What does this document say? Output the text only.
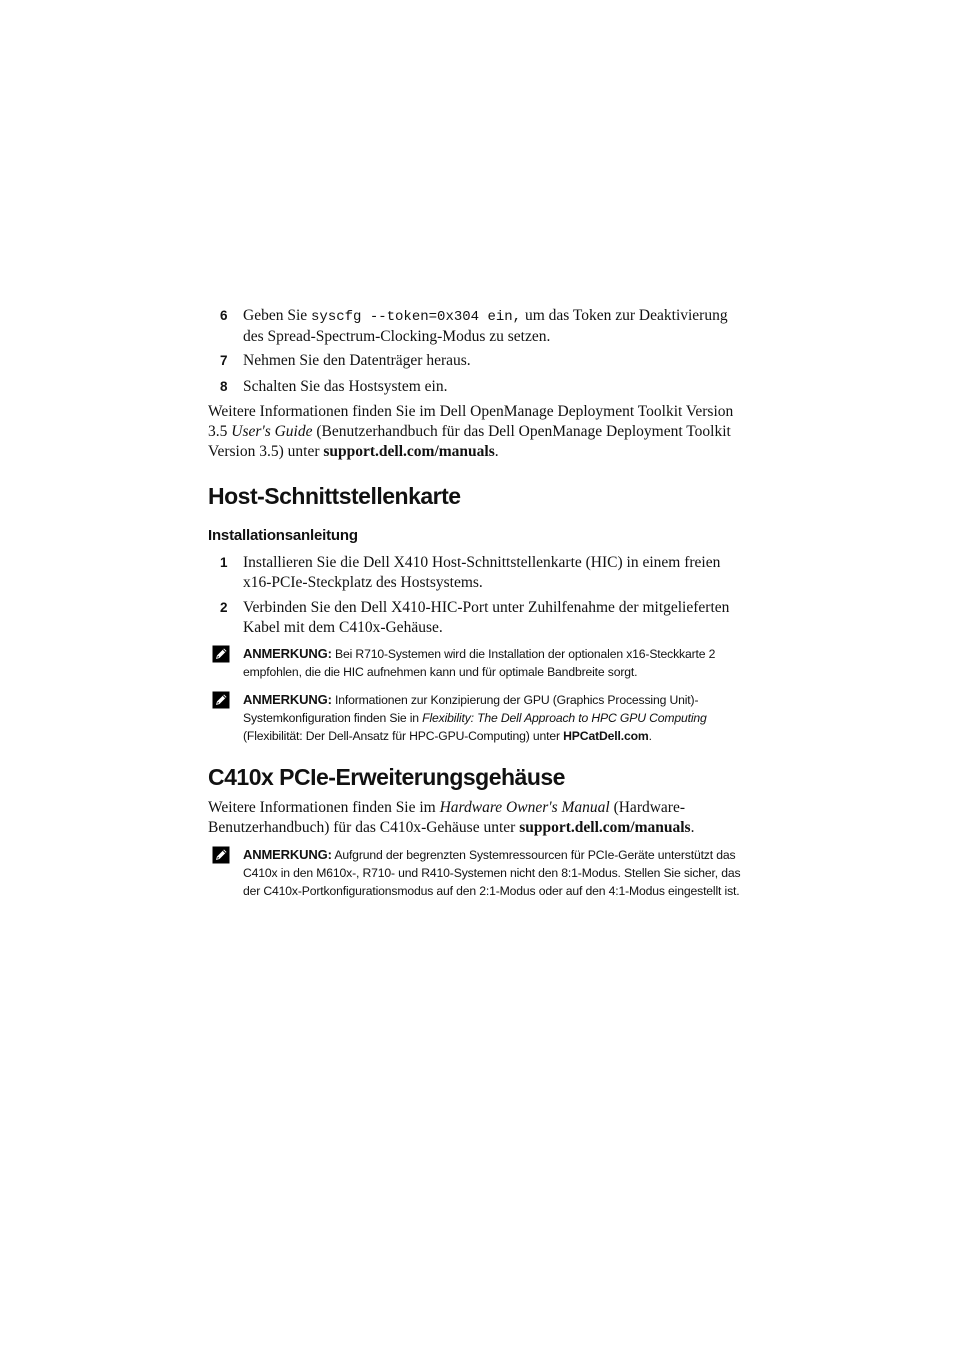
6 Geben Sie syscfg --token=0x304 ein, um das Token zur Deaktivierung des Spread-Spectrum-Clocking-Modus zu setzen.
7 Nehmen Sie den Datenträger heraus.
8 Schalten Sie das Hostsystem ein.
Weitere Informationen finden Sie im Dell OpenManage Deployment Toolkit Version 3.5 User's Guide (Benutzerhandbuch für das Dell OpenManage Deployment Toolkit Version 3.5) unter support.dell.com/manuals.
Host-Schnittstellenkarte
Installationsanleitung
1 Installieren Sie die Dell X410 Host-Schnittstellenkarte (HIC) in einem freien x16-PCIe-Steckplatz des Hostsystems.
2 Verbinden Sie den Dell X410-HIC-Port unter Zuhilfenahme der mitgelieferten Kabel mit dem C410x-Gehäuse.
ANMERKUNG: Bei R710-Systemen wird die Installation der optionalen x16-Steckkarte 2 empfohlen, die die HIC aufnehmen kann und für optimale Bandbreite sorgt.
ANMERKUNG: Informationen zur Konzipierung der GPU (Graphics Processing Unit)-Systemkonfiguration finden Sie in Flexibility: The Dell Approach to HPC GPU Computing (Flexibilität: Der Dell-Ansatz für HPC-GPU-Computing) unter HPCatDell.com.
C410x PCIe-Erweiterungsgehäuse
Weitere Informationen finden Sie im Hardware Owner's Manual (Hardware-Benutzerhandbuch) für das C410x-Gehäuse unter support.dell.com/manuals.
ANMERKUNG: Aufgrund der begrenzten Systemressourcen für PCIe-Geräte unterstützt das C410x in den M610x-, R710- und R410-Systemen nicht den 8:1-Modus. Stellen Sie sicher, das der C410x-Portkonfigurationsmodus auf den 2:1-Modus oder auf den 4:1-Modus eingestellt ist.
